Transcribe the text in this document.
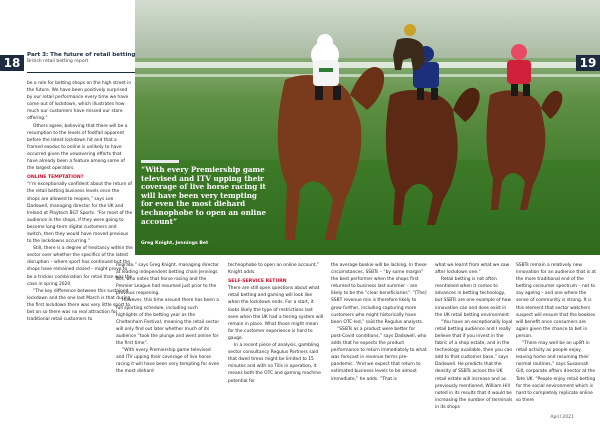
18	19
Part 3: The future of retail betting
British retail betting report

be a role for betting shops on the high street in the future. We have been positively surprised by our retail performance every time we have come out of lockdown, which illustrates how much our customers have missed our store offering.”

Others agree, believing that there will be a resumption to the levels of footfall apparent before the latest lockdown hit and that a framed exodus to online is unlikely to have occurred given the unwavering efforts that have already been a feature among some of the largest operators.

ONLINE TEMPTATION?

“I’m exceptionally confident about the return of the retail betting business levels once the shops are allowed to reopen,” says Lee Dadswell, managing director for the UK and Ireland at Playtech BGT Sports. “For most of the audience in the shops, if they were going to become long-term digital customers and switch, then they would have moved previous to the lockdowns occurring.”

Still, there is a degree of hesitancy within the sector over whether the specifics of the latest disruption – where sport has continued but the shops have remained closed – might prove to be a trickier combination for retail than was the case in spring 2020.

“The key difference between this sustained lockdown and the one last March is that during the first lockdown there was very little sport to bet on so there was no real attraction for traditional retail customers to

“With every Premiership game televised and ITV upping their coverage of live horse racing it will have been very tempting for even the most diehard technophobe to open an online account”
Greg Knight, Jennings Bet

migrate,” says Greg Knight, managing director at leading independent betting chain Jennings Bet, who notes that horse racing and the Premier League had resumed just prior to the previous reopening.

However, this time around there has been a full sporting schedule, including such highlights of the betting year as the Cheltenham Festival, meaning the retail sector will only find out later whether much of its audience “took the plunge and went online for the first time”.

“With every Premiership game televised and ITV upping their coverage of live horse racing it will have been very tempting for even the most diehard

technophobe to open an online account,” Knight adds.

SELF-SERVICE RETURN

There are still open questions about what retail betting and gaming will look like when the lockdown ends. For a start, it looks likely the type of restrictions last seen when the UK had a tiering system will remain in place. What those might mean for the customer experience is hard to gauge.

In a recent piece of analysis, gambling sector consultancy Regulus Partners said that dwell times might be limited to 15 minutes and with no Tills in operation, it means both the OTC and gaming machine potential for

the average bookie will be lacking. In these circumstances, SSBTs – “by some margin” the best performer when the shops first returned to business last summer – are likely to be the “clear beneficiaries”. “[The] SSBT revenue mix is therefore likely to grow further, including capturing more customers who might historically have been OTC-led,” said the Regulus analysts.

“SSBTs as a product were better for post-Covid conditions,” says Dadswell, who adds that he expects the product performance to return immediately to what was forecast in revenue terms pre-pandemic. “And we expect that return to estimated business levels to be almost immediate,” he adds. “That is

what we learnt from what we saw after lockdown one.”

Retail betting is not often mentioned when it comes to advances in betting technology, but SSBTs are one example of how innovation can and does exist in the UK retail betting environment.

“You have an exceptionally loyal retail betting audience and I really believe that if you invest in the fabric of a shop estate, and in the technology available, then you can add to that customer base,” says Dadswell. He predicts that the density of SSBTs across the UK retail estate will increase and as previously mentioned, William Hill noted in its results that it would be increasing the number of terminals in its shops

SSBTs remain a relatively new innovation for an audience that is at the more traditional end of the betting consumer spectrum – not to say ageing – and one where the sense of community is strong. It is this element that sector watchers suspect will ensure that the bookies will benefit once consumers are again given the chance to bet in person.

“There may well be an uplift in retail activity as people enjoy leaving home and resuming their normal routines,” says Susannah Gill, corporate affairs director at the Tote UK. “People enjoy retail betting for the social environment which is hard to completely replicate online so there

April 2021
